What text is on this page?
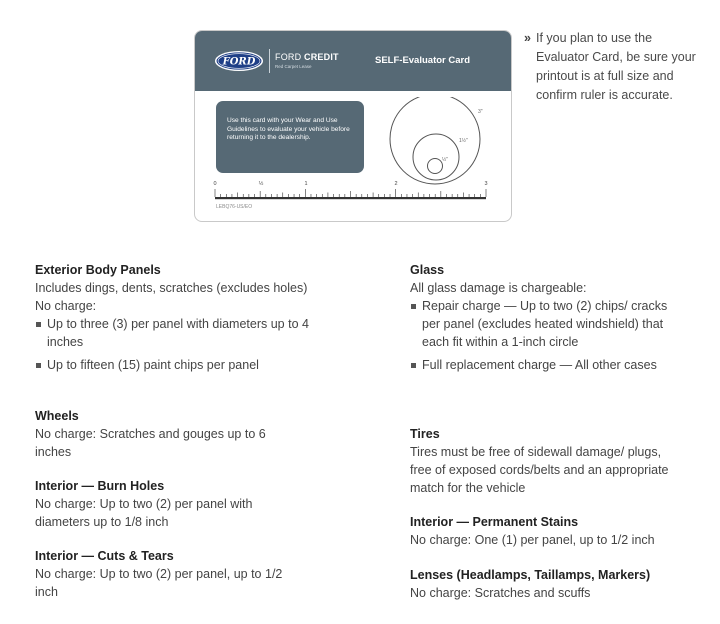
FORD FORD CREDIT
Red Carpet Lease
SELF-Evaluator Card
Use this card with your Wear and Use Guidelines to evaluate your vehicle before returning it to the dealership.
3"
1½"
½"
0	½	1	2	3
LEBQ76-US/EO
» If you plan to use the Evaluator Card, be sure your printout is at full size and confirm ruler is accurate.
Exterior Body Panels

Includes dings, dents, scratches (excludes holes)

No charge:

Up to three (3) per panel with diameters up to 4 inches
Up to fifteen (15) paint chips per panel
Wheels

No charge: Scratches and gouges up to 6 inches

Interior — Burn Holes

No charge: Up to two (2) per panel with diameters up to 1/8 inch

Interior — Cuts & Tears

No charge: Up to two (2) per panel, up to 1/2 inch

Glass

All glass damage is chargeable:

Repair charge — Up to two (2) chips/ cracks per panel (excludes heated windshield) that each fit within a 1-inch circle
Full replacement charge — All other cases
Tires

Tires must be free of sidewall damage/ plugs, free of exposed cords/belts and an appropriate match for the vehicle

Interior — Permanent Stains

No charge: One (1) per panel, up to 1/2 inch

Lenses (Headlamps, Taillamps, Markers)

No charge: Scratches and scuffs
